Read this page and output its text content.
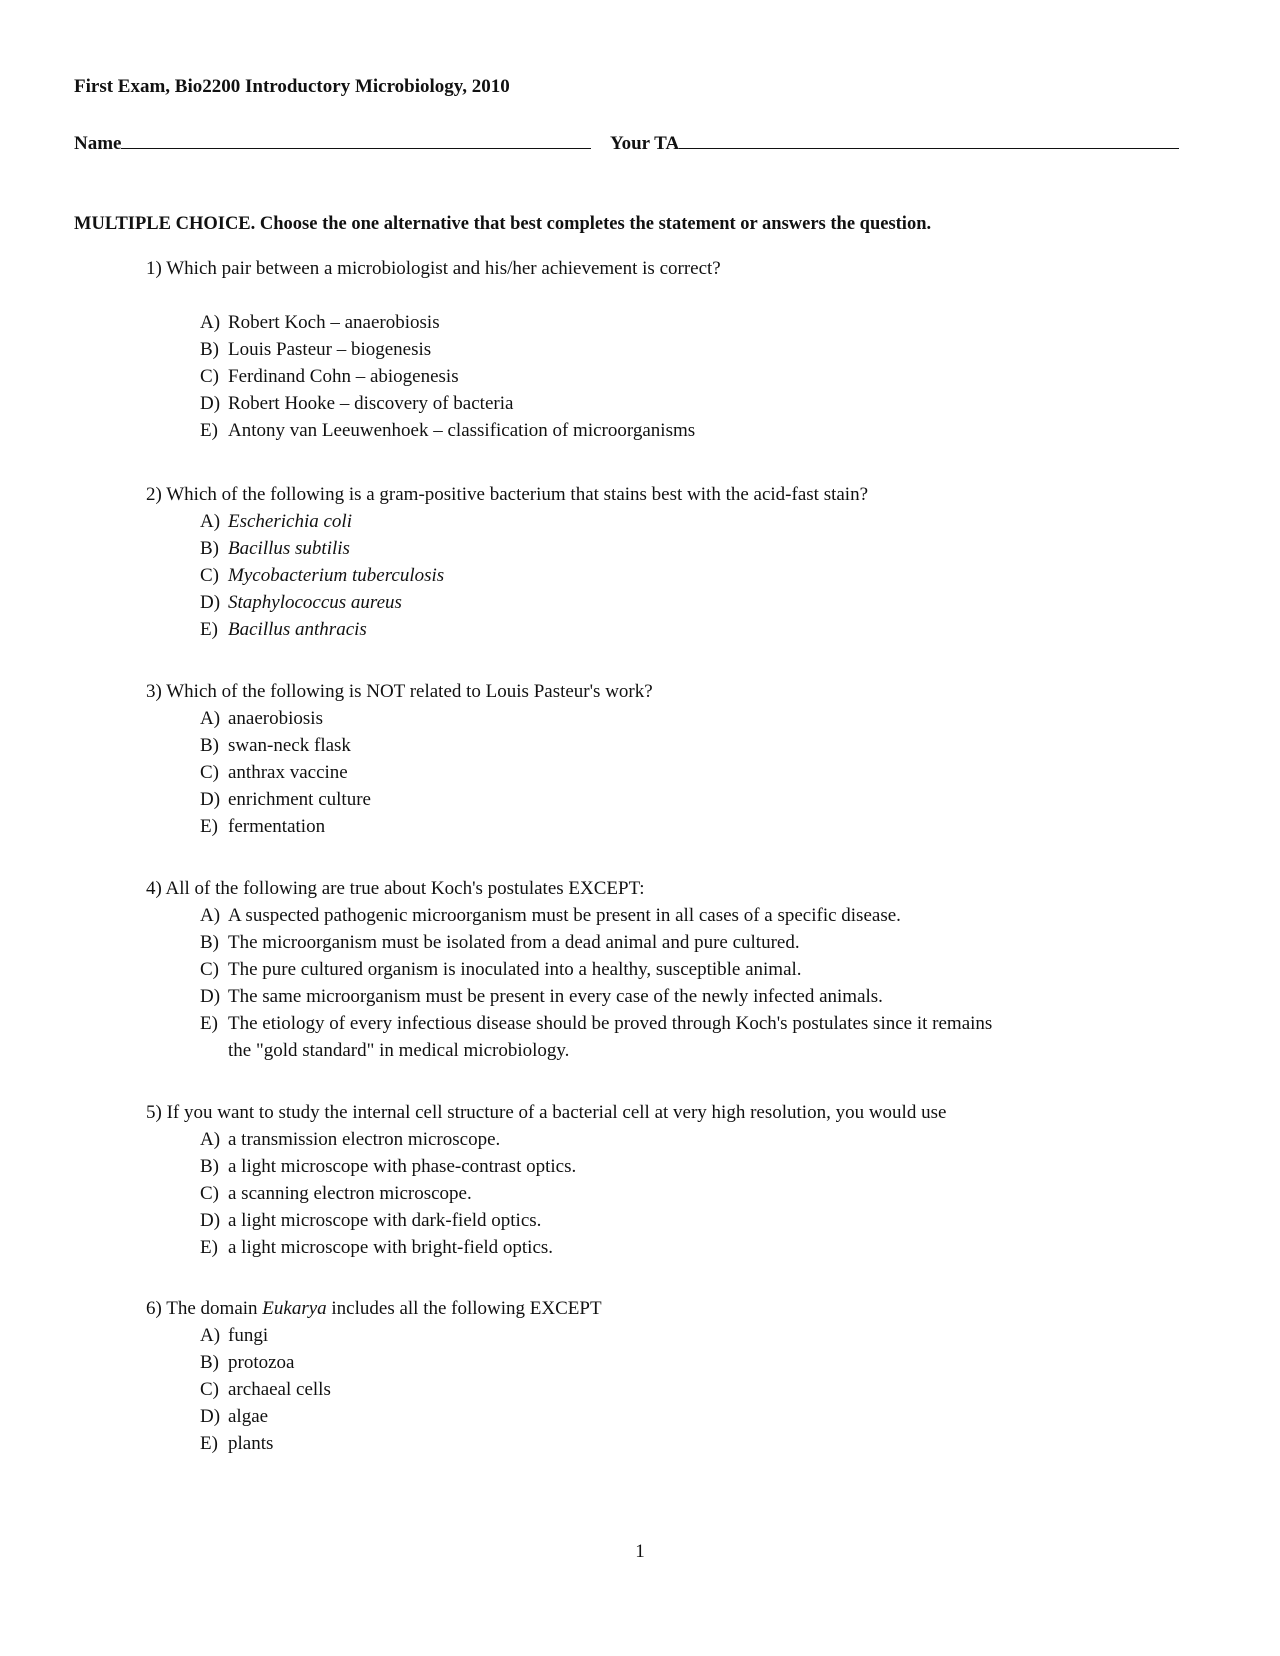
First Exam, Bio2200 Introductory Microbiology, 2010
Name	Your TA
MULTIPLE CHOICE. Choose the one alternative that best completes the statement or answers the question.
1) Which pair between a microbiologist and his/her achievement is correct?
A) Robert Koch – anaerobiosis
B) Louis Pasteur – biogenesis
C) Ferdinand Cohn – abiogenesis
D) Robert Hooke – discovery of bacteria
E) Antony van Leeuwenhoek – classification of microorganisms
2) Which of the following is a gram-positive bacterium that stains best with the acid-fast stain?
A) Escherichia coli
B) Bacillus subtilis
C) Mycobacterium tuberculosis
D) Staphylococcus aureus
E) Bacillus anthracis
3) Which of the following is NOT related to Louis Pasteur's work?
A) anaerobiosis
B) swan-neck flask
C) anthrax vaccine
D) enrichment culture
E) fermentation
4) All of the following are true about Koch's postulates EXCEPT:
A) A suspected pathogenic microorganism must be present in all cases of a specific disease.
B) The microorganism must be isolated from a dead animal and pure cultured.
C) The pure cultured organism is inoculated into a healthy, susceptible animal.
D) The same microorganism must be present in every case of the newly infected animals.
E) The etiology of every infectious disease should be proved through Koch's postulates since it remains
the "gold standard" in medical microbiology.
5) If you want to study the internal cell structure of a bacterial cell at very high resolution, you would use
A) a transmission electron microscope.
B) a light microscope with phase-contrast optics.
C) a scanning electron microscope.
D) a light microscope with dark-field optics.
E) a light microscope with bright-field optics.
6) The domain Eukarya includes all the following EXCEPT
A) fungi
B) protozoa
C) archaeal cells
D) algae
E) plants
1
